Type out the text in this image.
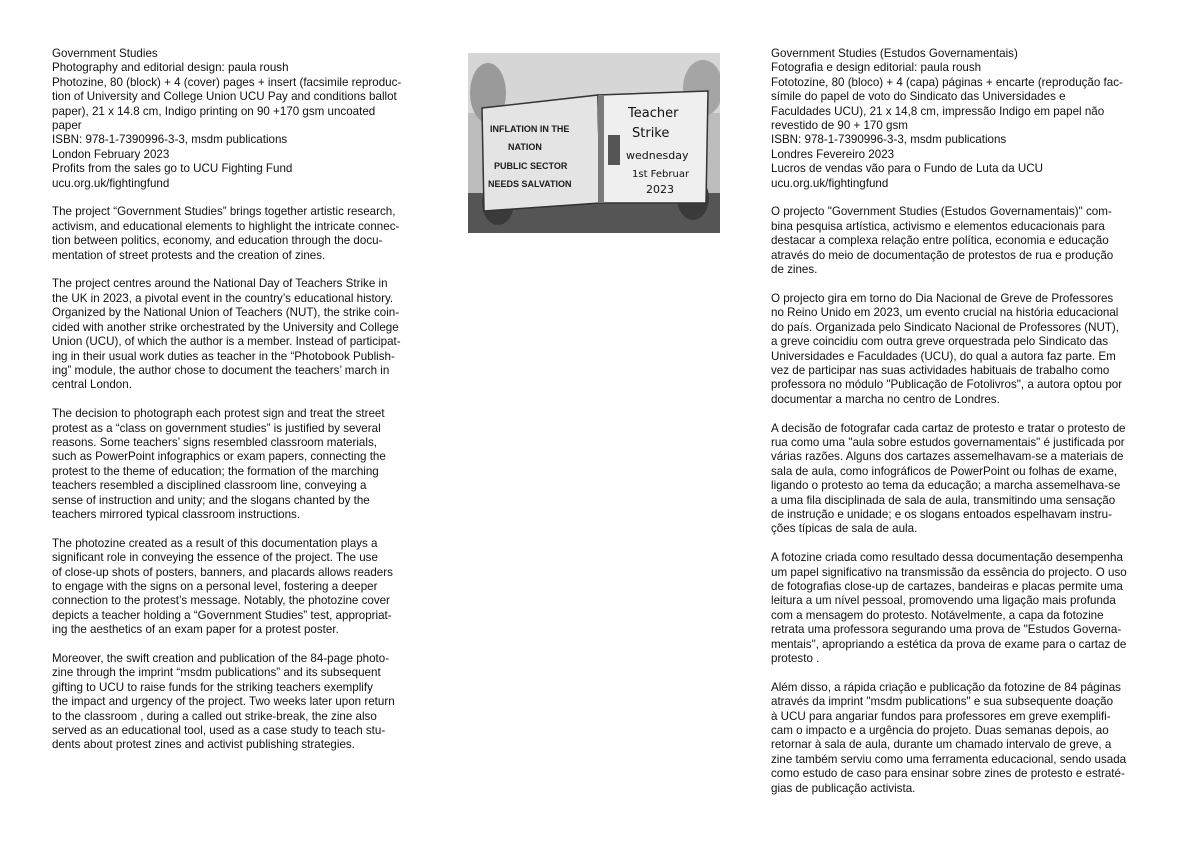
Government Studies
Photography and editorial design: paula roush
Photozine, 80 (block) + 4 (cover) pages + insert (facsimile reproduc-
tion of University and College Union UCU Pay and conditions ballot
paper), 21 x 14.8 cm, Indigo printing on 90 +170 gsm uncoated
paper
ISBN: 978-1-7390996-3-3, msdm publications
London February 2023
Profits from the sales go to UCU Fighting Fund
ucu.org.uk/fightingfund
The project “Government Studies” brings together artistic research,
activism, and educational elements to highlight the intricate connec-
tion between politics, economy, and education through the docu-
mentation of street protests and the creation of zines.
The project centres around the National Day of Teachers Strike in
the UK in 2023, a pivotal event in the country’s educational history.
Organized by the National Union of Teachers (NUT), the strike coin-
cided with another strike orchestrated by the University and College
Union (UCU), of which the author is a member. Instead of participat-
ing in their usual work duties as teacher in the “Photobook Publish-
ing” module, the author chose to document the teachers’ march in
central London.
The decision to photograph each protest sign and treat the street
protest as a “class on government studies” is justified by several
reasons. Some teachers’ signs resembled classroom materials,
such as PowerPoint infographics or exam papers, connecting the
protest to the theme of education; the formation of the marching
teachers resembled a disciplined classroom line, conveying a
sense of instruction and unity; and the slogans chanted by the
teachers mirrored typical classroom instructions.
The photozine created as a result of this documentation plays a
significant role in conveying the essence of the project. The use
of close-up shots of posters, banners, and placards allows readers
to engage with the signs on a personal level, fostering a deeper
connection to the protest’s message. Notably, the photozine cover
depicts a teacher holding a “Government Studies” test, appropriat-
ing the aesthetics of an exam paper for a protest poster.
Moreover, the swift creation and publication of the 84-page photo-
zine through the imprint “msdm publications” and its subsequent
gifting to UCU to raise funds for the striking teachers exemplify
the impact and urgency of the project. Two weeks later upon return
to the classroom , during a called out strike-break, the zine also
served as an educational tool, used as a case study to teach stu-
dents about protest zines and activist publishing strategies.
INFLATION IN THE
NATION
PUBLIC SECTOR
NEEDS SALVATION
Teacher
Strike
wednesday
1st Februar
2023
Government Studies (Estudos Governamentais)
Fotografia e design editorial: paula roush
Fototozine, 80 (bloco) + 4 (capa) páginas + encarte (reprodução fac-
símile do papel de voto do Sindicato das Universidades e
Faculdades UCU), 21 x 14,8 cm, impressão Indigo em papel não
revestido de 90 + 170 gsm
ISBN: 978-1-7390996-3-3, msdm publications
Londres Fevereiro 2023
Lucros de vendas vão para o Fundo de Luta da UCU
ucu.org.uk/fightingfund
O projecto "Government Studies (Estudos Governamentais)" com-
bina pesquisa artística, activismo e elementos educacionais para
destacar a complexa relação entre política, economia e educação
através do meio de documentação de protestos de rua e produção
de zines.
O projecto gira em torno do Dia Nacional de Greve de Professores
no Reino Unido em 2023, um evento crucial na história educacional
do país. Organizada pelo Sindicato Nacional de Professores (NUT),
a greve coincidiu com outra greve orquestrada pelo Sindicato das
Universidades e Faculdades (UCU), do qual a autora faz parte. Em
vez de participar nas suas actividades habituais de trabalho como
professora no módulo "Publicação de Fotolivros", a autora optou por
documentar a marcha no centro de Londres.
A decisão de fotografar cada cartaz de protesto e tratar o protesto de
rua como uma "aula sobre estudos governamentais" é justificada por
várias razões. Alguns dos cartazes assemelhavam-se a materiais de
sala de aula, como infográficos de PowerPoint ou folhas de exame,
ligando o protesto ao tema da educação; a marcha assemelhava-se
a uma fila disciplinada de sala de aula, transmitindo uma sensação
de instrução e unidade; e os slogans entoados espelhavam instru-
ções típicas de sala de aula.
A fotozine criada como resultado dessa documentação desempenha
um papel significativo na transmissão da essência do projecto. O uso
de fotografias close-up de cartazes, bandeiras e placas permite uma
leitura a um nível pessoal, promovendo uma ligação mais profunda
com a mensagem do protesto. Notávelmente, a capa da fotozine
retrata uma professora segurando uma prova de "Estudos Governa-
mentais", apropriando a estética da prova de exame para o cartaz de
protesto .
Além disso, a rápida criação e publicação da fotozine de 84 páginas
através da imprint "msdm publications" e sua subsequente doação
à UCU para angariar fundos para professores em greve exemplifi-
cam o impacto e a urgência do projeto. Duas semanas depois, ao
retornar à sala de aula, durante um chamado intervalo de greve, a
zine também serviu como uma ferramenta educacional, sendo usada
como estudo de caso para ensinar sobre zines de protesto e estraté-
gias de publicação activista.
